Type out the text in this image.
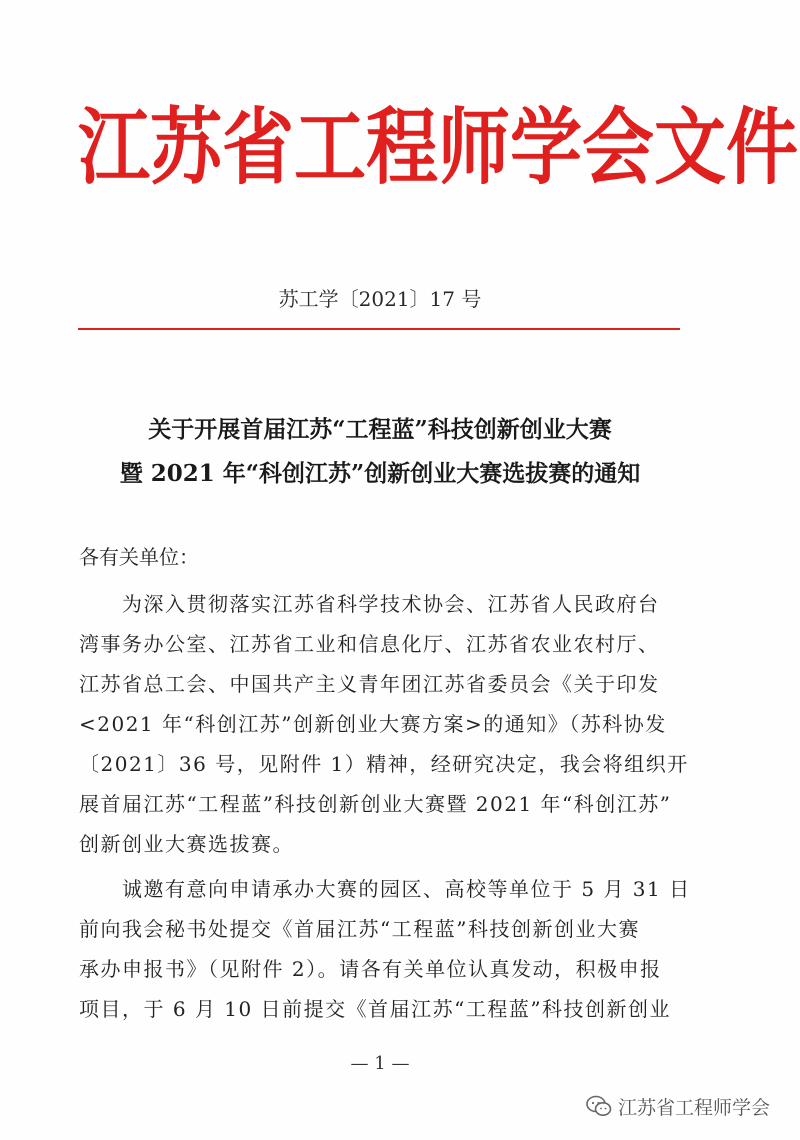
江苏省工程师学会文件
苏工学〔2021〕17 号
关于开展首届江苏“工程蓝”科技创新创业大赛
暨 2021 年“科创江苏”创新创业大赛选拔赛的通知
各有关单位：
　　为深入贯彻落实江苏省科学技术协会、江苏省人民政府台
湾事务办公室、江苏省工业和信息化厅、江苏省农业农村厅、
江苏省总工会、中国共产主义青年团江苏省委员会《关于印发
<2021 年“科创江苏”创新创业大赛方案>的通知》（苏科协发
〔2021〕36 号，见附件 1）精神，经研究决定，我会将组织开
展首届江苏“工程蓝”科技创新创业大赛暨 2021 年“科创江苏”
创新创业大赛选拔赛。
　　诚邀有意向申请承办大赛的园区、高校等单位于 5 月 31 日
前向我会秘书处提交《首届江苏“工程蓝”科技创新创业大赛
承办申报书》（见附件 2）。请各有关单位认真发动，积极申报
项目，于 6 月 10 日前提交《首届江苏“工程蓝”科技创新创业
— 1 —
江苏省工程师学会
